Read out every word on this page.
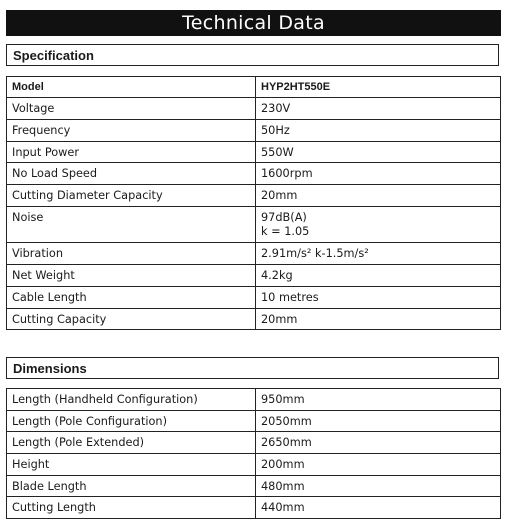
Technical Data
Specification
Model	HYP2HT550E
Voltage	230V
Frequency	50Hz
Input Power	550W
No Load Speed	1600rpm
Cutting Diameter Capacity	20mm
Noise	97dB(A)
k = 1.05
Vibration	2.91m/s² k-1.5m/s²
Net Weight	4.2kg
Cable Length	10 metres
Cutting Capacity	20mm
Dimensions
Length (Handheld Configuration)	950mm
Length (Pole Configuration)	2050mm
Length (Pole Extended)	2650mm
Height	200mm
Blade Length	480mm
Cutting Length	440mm
